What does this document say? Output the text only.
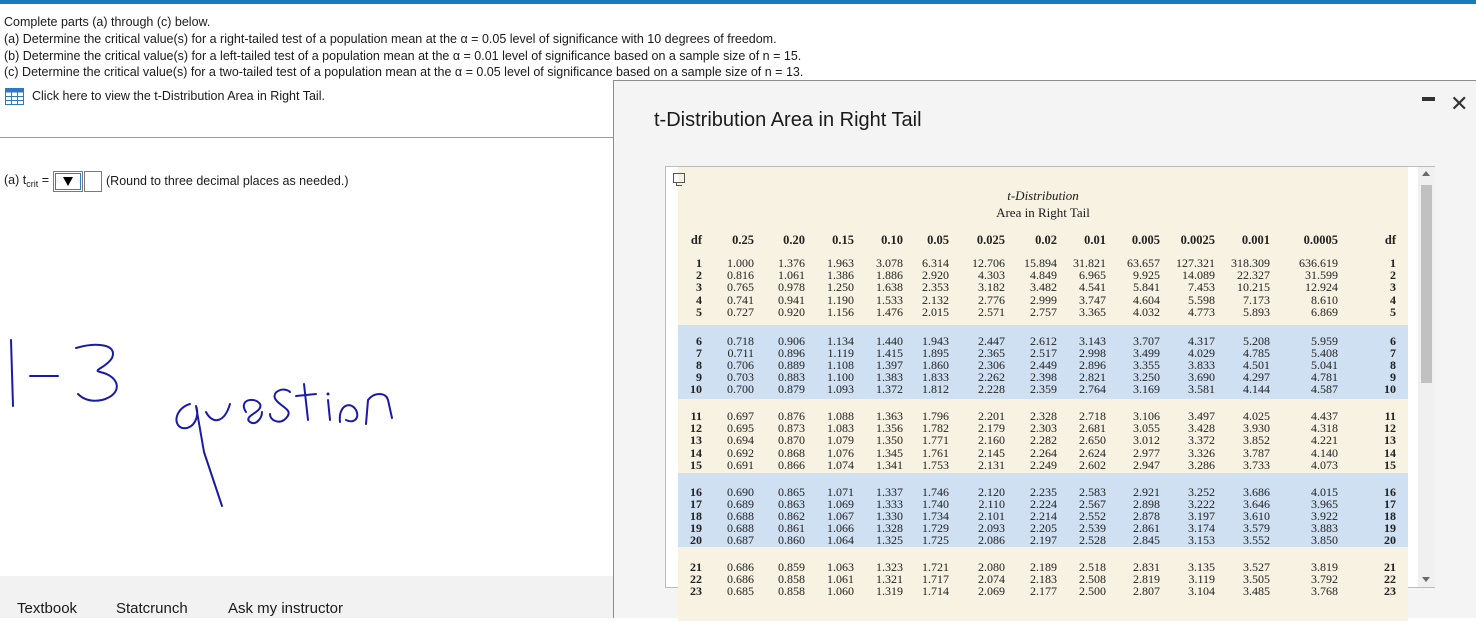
Complete parts (a) through (c) below.
(a) Determine the critical value(s) for a right-tailed test of a population mean at the α = 0.05 level of significance with 10 degrees of freedom.
(b) Determine the critical value(s) for a left-tailed test of a population mean at the α = 0.01 level of significance based on a sample size of n = 15.
(c) Determine the critical value(s) for a two-tailed test of a population mean at the α = 0.05 level of significance based on a sample size of n = 13.
Click here to view the t-Distribution Area in Right Tail.
(a) $t_{crit}$ =	(Round to three decimal places as needed.)
Textbook	Statcrunch	Ask my instructor
t-Distribution Area in Right Tail
✕
t-Distribution
Area in Right Tail
df	0.25	0.20	0.15	0.10	0.05	0.025	0.02	0.01	0.005	0.0025	0.001	0.0005	df
1	1.000	1.376	1.963	3.078	6.314	12.706	15.894	31.821	63.657	127.321	318.309	636.619	1
2	0.816	1.061	1.386	1.886	2.920	4.303	4.849	6.965	9.925	14.089	22.327	31.599	2
3	0.765	0.978	1.250	1.638	2.353	3.182	3.482	4.541	5.841	7.453	10.215	12.924	3
4	0.741	0.941	1.190	1.533	2.132	2.776	2.999	3.747	4.604	5.598	7.173	8.610	4
5	0.727	0.920	1.156	1.476	2.015	2.571	2.757	3.365	4.032	4.773	5.893	6.869	5
6	0.718	0.906	1.134	1.440	1.943	2.447	2.612	3.143	3.707	4.317	5.208	5.959	6
7	0.711	0.896	1.119	1.415	1.895	2.365	2.517	2.998	3.499	4.029	4.785	5.408	7
8	0.706	0.889	1.108	1.397	1.860	2.306	2.449	2.896	3.355	3.833	4.501	5.041	8
9	0.703	0.883	1.100	1.383	1.833	2.262	2.398	2.821	3.250	3.690	4.297	4.781	9
10	0.700	0.879	1.093	1.372	1.812	2.228	2.359	2.764	3.169	3.581	4.144	4.587	10
11	0.697	0.876	1.088	1.363	1.796	2.201	2.328	2.718	3.106	3.497	4.025	4.437	11
12	0.695	0.873	1.083	1.356	1.782	2.179	2.303	2.681	3.055	3.428	3.930	4.318	12
13	0.694	0.870	1.079	1.350	1.771	2.160	2.282	2.650	3.012	3.372	3.852	4.221	13
14	0.692	0.868	1.076	1.345	1.761	2.145	2.264	2.624	2.977	3.326	3.787	4.140	14
15	0.691	0.866	1.074	1.341	1.753	2.131	2.249	2.602	2.947	3.286	3.733	4.073	15
16	0.690	0.865	1.071	1.337	1.746	2.120	2.235	2.583	2.921	3.252	3.686	4.015	16
17	0.689	0.863	1.069	1.333	1.740	2.110	2.224	2.567	2.898	3.222	3.646	3.965	17
18	0.688	0.862	1.067	1.330	1.734	2.101	2.214	2.552	2.878	3.197	3.610	3.922	18
19	0.688	0.861	1.066	1.328	1.729	2.093	2.205	2.539	2.861	3.174	3.579	3.883	19
20	0.687	0.860	1.064	1.325	1.725	2.086	2.197	2.528	2.845	3.153	3.552	3.850	20
21	0.686	0.859	1.063	1.323	1.721	2.080	2.189	2.518	2.831	3.135	3.527	3.819	21
22	0.686	0.858	1.061	1.321	1.717	2.074	2.183	2.508	2.819	3.119	3.505	3.792	22
23	0.685	0.858	1.060	1.319	1.714	2.069	2.177	2.500	2.807	3.104	3.485	3.768	23
